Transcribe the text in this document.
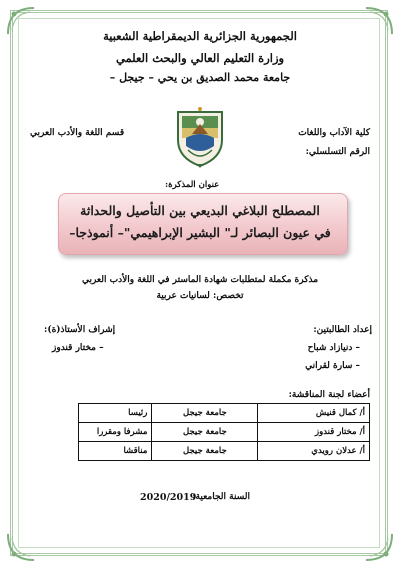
الجمهورية الجزائرية الديمقراطية الشعبية
وزارة التعليم العالي والبحث العلمي
جامعة محمد الصديق بن يحي – جيجل –
كلية الآداب واللغات
الرقم التسلسلي:
قسم اللغة والأدب العربي
عنوان المذكرة:
المصطلح البلاغي البديعي بين التأصيل والحداثة
في عيون البصائر لـ" البشير الإبراهيمي"– أنموذجا–
مذكرة مكملة لمتطلبات شهادة الماستر في اللغة والأدب العربي
تخصص: لسانيات عربية
إعداد الطالبتين:
– دنيازاد شباح
– سارة لقراني
إشراف الأستاذ(ة):
– مختار قندوز
أعضاء لجنة المناقشة:
أ/ كمال قنيش	جامعة جيجل	رئيسا
أ/ مختار قندوز	جامعة جيجل	مشرفا ومقررا
أ/ عدلان رويدي	جامعة جيجل	مناقشا
السنة الجامعية:
2020/2019
